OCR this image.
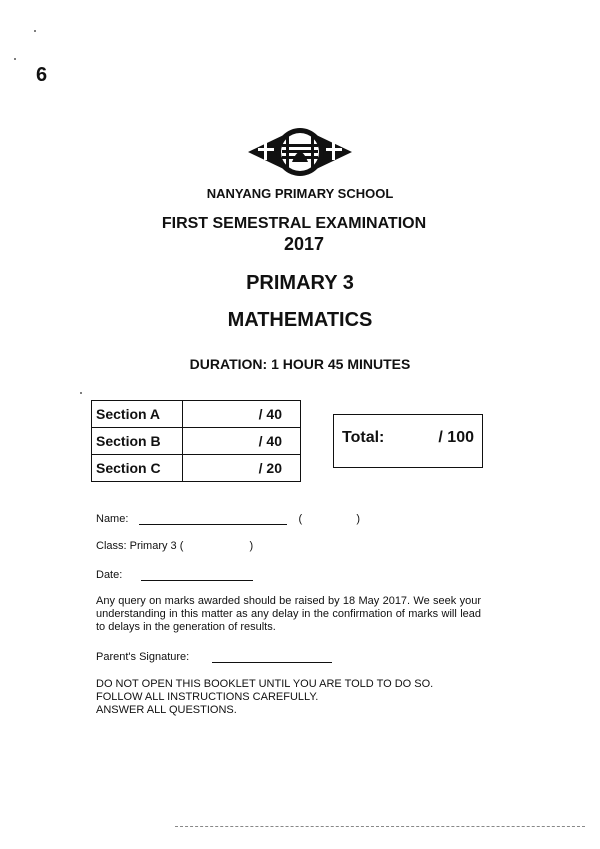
6
NANYANG PRIMARY SCHOOL
FIRST SEMESTRAL EXAMINATION
2017
PRIMARY 3
MATHEMATICS
DURATION: 1 HOUR 45 MINUTES
Section A	/ 40
Section B	/ 40
Section C	/ 20
Total:	/ 100
Name:	(	)
Class: Primary 3 (	)
Date:
Any query on marks awarded should be raised by 18 May 2017. We seek your understanding in this matter as any delay in the confirmation of marks will lead to delays in the generation of results.
Parent's Signature:
DO NOT OPEN THIS BOOKLET UNTIL YOU ARE TOLD TO DO SO.
FOLLOW ALL INSTRUCTIONS CAREFULLY.
ANSWER ALL QUESTIONS.
